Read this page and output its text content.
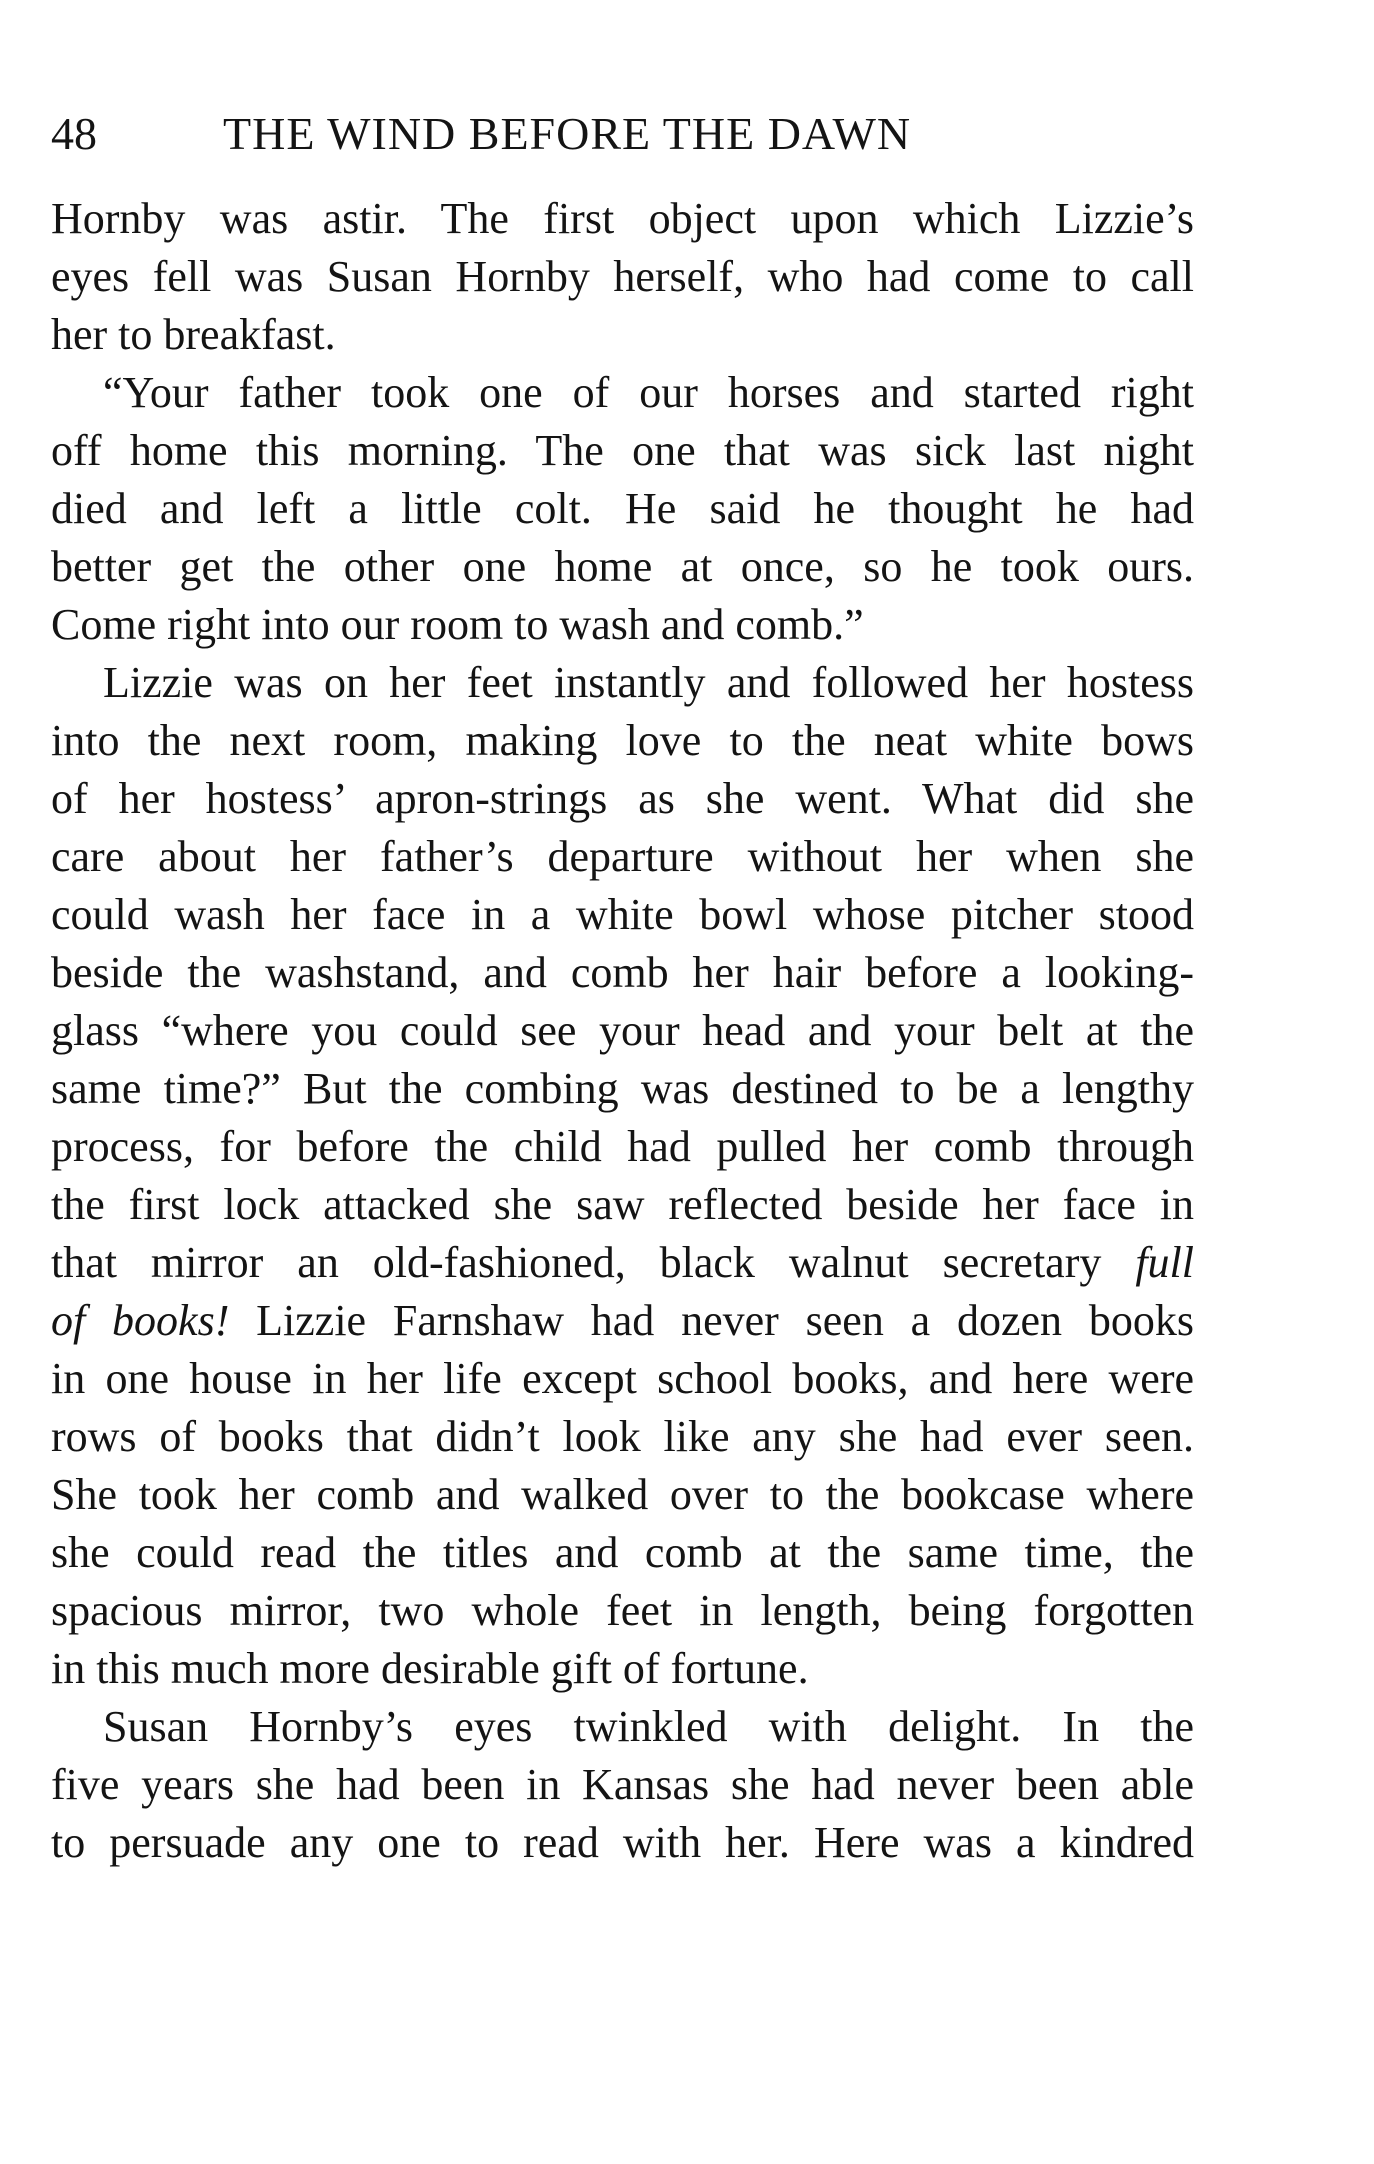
48	THE WIND BEFORE THE DAWN
Hornby was astir. The first object upon which Lizzie’s
eyes fell was Susan Hornby herself, who had come to call
her to breakfast.
“Your father took one of our horses and started right
off home this morning. The one that was sick last night
died and left a little colt. He said he thought he had
better get the other one home at once, so he took ours.
Come right into our room to wash and comb.”
Lizzie was on her feet instantly and followed her hostess
into the next room, making love to the neat white bows
of her hostess’ apron-strings as she went. What did she
care about her father’s departure without her when she
could wash her face in a white bowl whose pitcher stood
beside the washstand, and comb her hair before a looking-
glass “where you could see your head and your belt at the
same time?” But the combing was destined to be a lengthy
process, for before the child had pulled her comb through
the first lock attacked she saw reflected beside her face in
that mirror an old-fashioned, black walnut secretary full
of books! Lizzie Farnshaw had never seen a dozen books
in one house in her life except school books, and here were
rows of books that didn’t look like any she had ever seen.
She took her comb and walked over to the bookcase where
she could read the titles and comb at the same time, the
spacious mirror, two whole feet in length, being forgotten
in this much more desirable gift of fortune.
Susan Hornby’s eyes twinkled with delight. In the
five years she had been in Kansas she had never been able
to persuade any one to read with her. Here was a kindred
